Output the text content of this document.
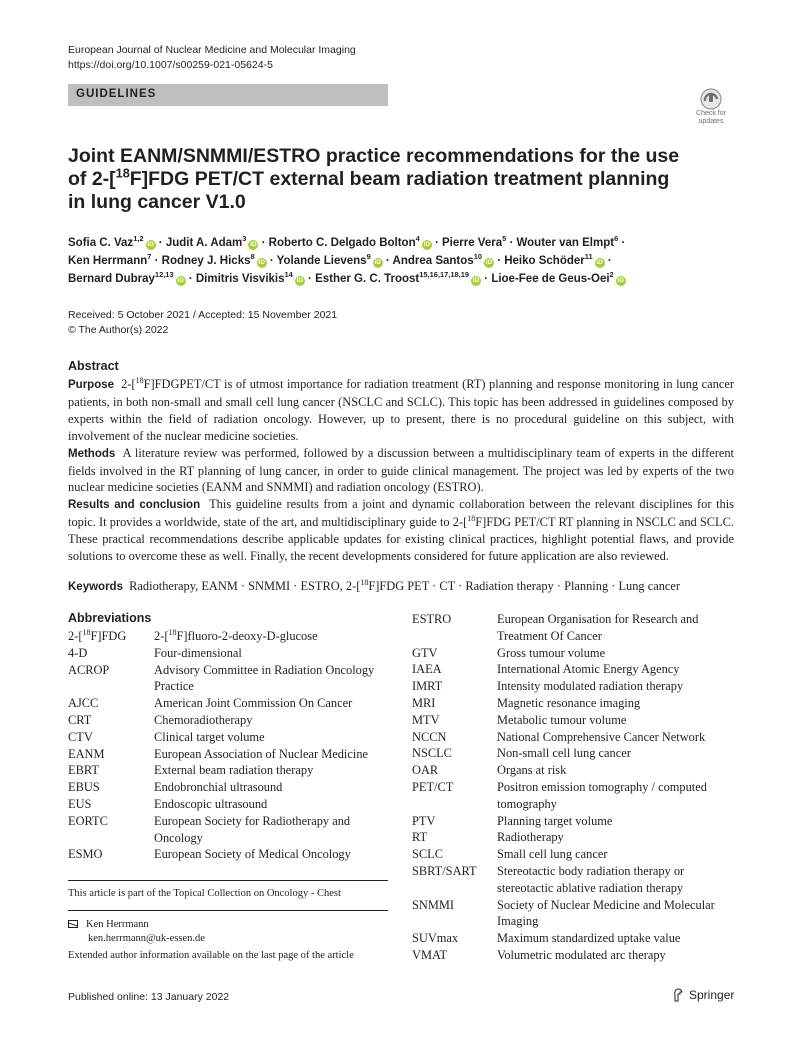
European Journal of Nuclear Medicine and Molecular Imaging
https://doi.org/10.1007/s00259-021-05624-5
GUIDELINES
Check for
updates
Joint EANM/SNMMI/ESTRO practice recommendations for the use
of 2-[$^{18}$F]FDG PET/CT external beam radiation treatment planning
in lung cancer V1.0
Sofia C. Vaz$^{1,2}$iD · Judit A. Adam$^3$iD · Roberto C. Delgado Bolton$^4$iD · Pierre Vera$^5$ · Wouter van Elmpt$^6$ ·
Ken Herrmann$^7$ · Rodney J. Hicks$^8$iD · Yolande Lievens$^9$iD · Andrea Santos$^{10}$iD · Heiko Schöder$^{11}$iD ·
Bernard Dubray$^{12,13}$iD · Dimitris Visvikis$^{14}$iD · Esther G. C. Troost$^{15,16,17,18,19}$iD · Lioe-Fee de Geus-Oei$^2$iD
Received: 5 October 2021 / Accepted: 15 November 2021
© The Author(s) 2022
Abstract

Purpose 2-[$^{18}$F]FDGPET/CT is of utmost importance for radiation treatment (RT) planning and response monitoring in lung cancer patients, in both non-small and small cell lung cancer (NSCLC and SCLC). This topic has been addressed in guidelines composed by experts within the field of radiation oncology. However, up to present, there is no procedural guideline on this subject, with involvement of the nuclear medicine societies.

Methods A literature review was performed, followed by a discussion between a multidisciplinary team of experts in the different fields involved in the RT planning of lung cancer, in order to guide clinical management. The project was led by experts of the two nuclear medicine societies (EANM and SNMMI) and radiation oncology (ESTRO).

Results and conclusion This guideline results from a joint and dynamic collaboration between the relevant disciplines for this topic. It provides a worldwide, state of the art, and multidisciplinary guide to 2-[$^{18}$F]FDG PET/CT RT planning in NSCLC and SCLC. These practical recommendations describe applicable updates for existing clinical practices, highlight potential flaws, and provide solutions to overcome these as well. Finally, the recent developments considered for future application are also reviewed.

Keywords Radiotherapy, EANM · SNMMI · ESTRO, 2-[$^{18}$F]FDG PET · CT · Radiation therapy · Planning · Lung cancer
Abbreviations
2-[$^{18}$F]FDG	2-[$^{18}$F]fluoro-2-deoxy-D-glucose
4-D	Four-dimensional
ACROP	Advisory Committee in Radiation Oncology Practice
AJCC	American Joint Commission On Cancer
CRT	Chemoradiotherapy
CTV	Clinical target volume
EANM	European Association of Nuclear Medicine
EBRT	External beam radiation therapy
EBUS	Endobronchial ultrasound
EUS	Endoscopic ultrasound
EORTC	European Society for Radiotherapy and Oncology
ESMO	European Society of Medical Oncology
ESTRO	European Organisation for Research and Treatment Of Cancer
GTV	Gross tumour volume
IAEA	International Atomic Energy Agency
IMRT	Intensity modulated radiation therapy
MRI	Magnetic resonance imaging
MTV	Metabolic tumour volume
NCCN	National Comprehensive Cancer Network
NSCLC	Non-small cell lung cancer
OAR	Organs at risk
PET/CT	Positron emission tomography / computed tomography
PTV	Planning target volume
RT	Radiotherapy
SCLC	Small cell lung cancer
SBRT/SART	Stereotactic body radiation therapy or stereotactic ablative radiation therapy
SNMMI	Society of Nuclear Medicine and Molecular Imaging
SUVmax	Maximum standardized uptake value
VMAT	Volumetric modulated arc therapy
This article is part of the Topical Collection on Oncology - Chest
Ken Herrmann
ken.herrmann@uk-essen.de
Extended author information available on the last page of the article
Published online: 13 January 2022	Springer
